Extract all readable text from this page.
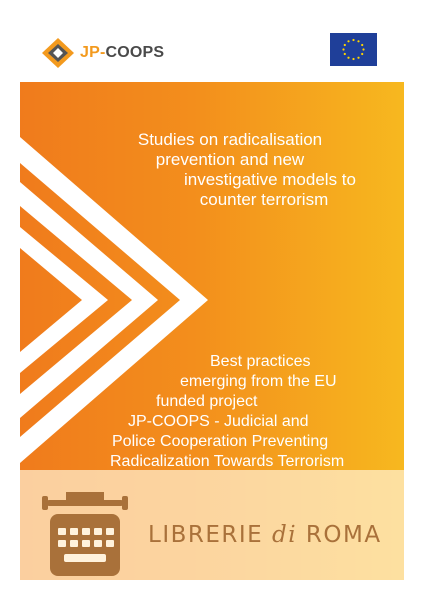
JP-COOPS
Studies on radicalisation
prevention and new
investigative models to
counter terrorism
Best practices
emerging from the EU
funded project
JP-COOPS - Judicial and
Police Cooperation Preventing
Radicalization Towards Terrorism
LIBRERIE di ROMA
